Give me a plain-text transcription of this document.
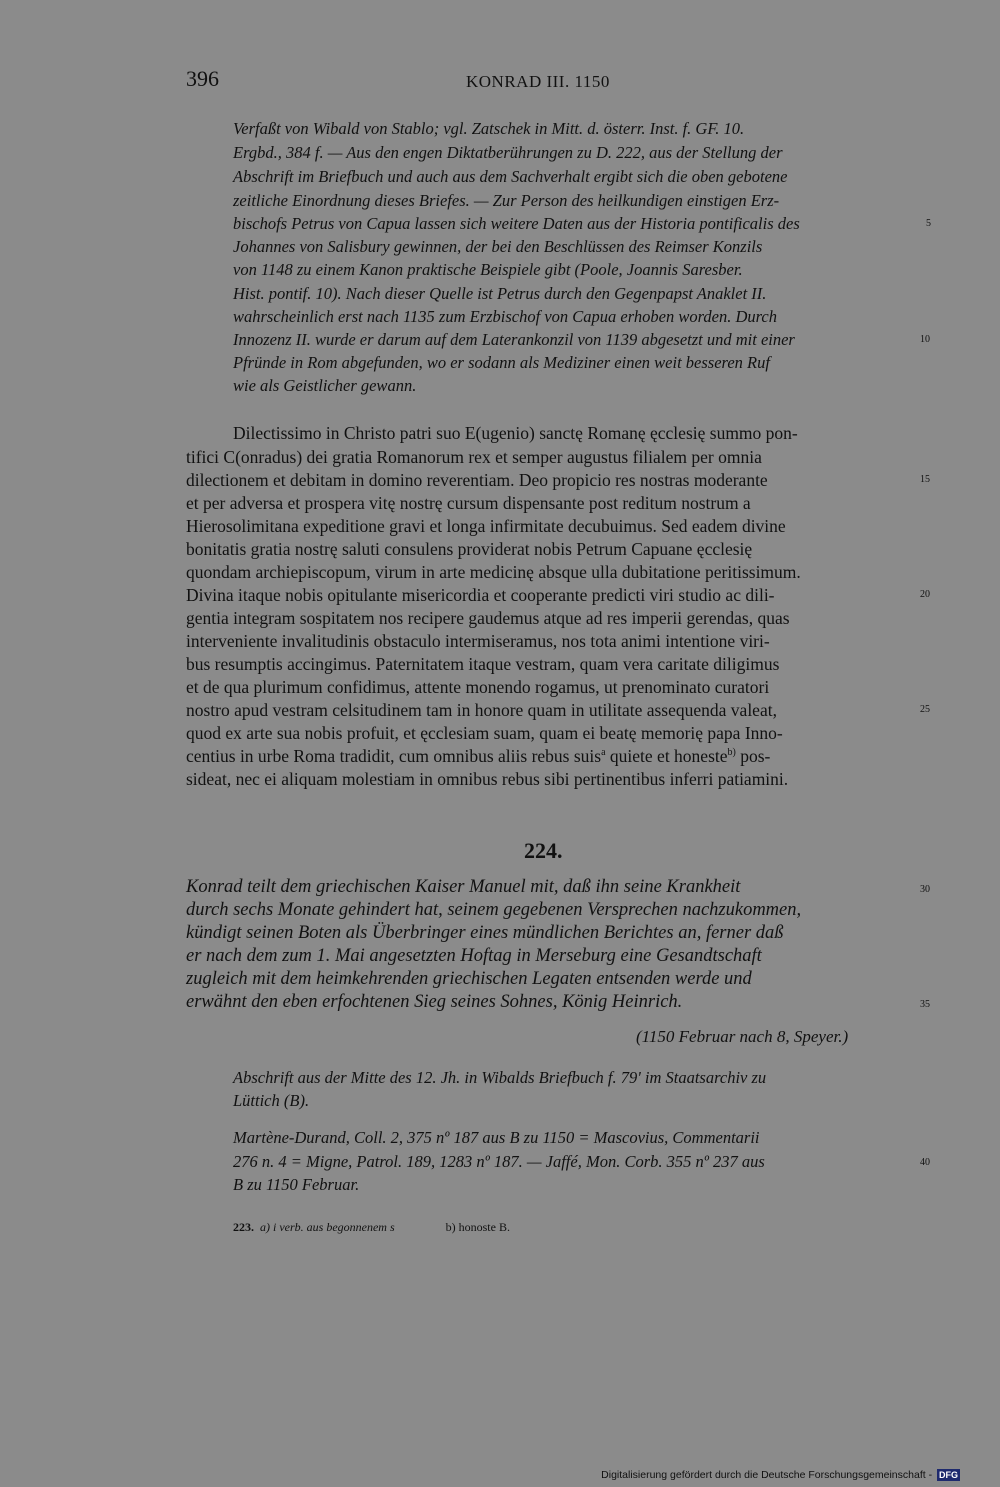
396	KONRAD III. 1150
Verfaßt von Wibald von Stablo; vgl. Zatschek in Mitt. d. österr. Inst. f. GF. 10.
Ergbd., 384 f. — Aus den engen Diktatberührungen zu D. 222, aus der Stellung der
Abschrift im Briefbuch und auch aus dem Sachverhalt ergibt sich die oben gebotene
zeitliche Einordnung dieses Briefes. — Zur Person des heilkundigen einstigen Erz-
bischofs Petrus von Capua lassen sich weitere Daten aus der Historia pontificalis des
Johannes von Salisbury gewinnen, der bei den Beschlüssen des Reimser Konzils
von 1148 zu einem Kanon praktische Beispiele gibt (Poole, Joannis Saresber.
Hist. pontif. 10). Nach dieser Quelle ist Petrus durch den Gegenpapst Anaklet II.
wahrscheinlich erst nach 1135 zum Erzbischof von Capua erhoben worden. Durch
Innozenz II. wurde er darum auf dem Laterankonzil von 1139 abgesetzt und mit einer
Pfründe in Rom abgefunden, wo er sodann als Mediziner einen weit besseren Ruf
wie als Geistlicher gewann.
Dilectissimo in Christo patri suo E(ugenio) sanctę Romanę ęcclesię summo pon-
tifici C(onradus) dei gratia Romanorum rex et semper augustus filialem per omnia
dilectionem et debitam in domino reverentiam. Deo propicio res nostras moderante
et per adversa et prospera vitę nostrę cursum dispensante post reditum nostrum a
Hierosolimitana expeditione gravi et longa infirmitate decubuimus. Sed eadem divine
bonitatis gratia nostrę saluti consulens providerat nobis Petrum Capuane ęcclesię
quondam archiepiscopum, virum in arte medicinę absque ulla dubitatione peritissimum.
Divina itaque nobis opitulante misericordia et cooperante predicti viri studio ac dili-
gentia integram sospitatem nos recipere gaudemus atque ad res imperii gerendas, quas
interveniente invalitudinis obstaculo intermiseramus, nos tota animi intentione viri-
bus resumptis accingimus. Paternitatem itaque vestram, quam vera caritate diligimus
et de qua plurimum confidimus, attente monendo rogamus, ut prenominato curatori
nostro apud vestram celsitudinem tam in honore quam in utilitate assequenda valeat,
quod ex arte sua nobis profuit, et ęcclesiam suam, quam ei beatę memorię papa Inno-
centius in urbe Roma tradidit, cum omnibus aliis rebus suis$^a$ quiete et honeste$^{b)}$ pos-
sideat, nec ei aliquam molestiam in omnibus rebus sibi pertinentibus inferri patiamini.
224.
Konrad teilt dem griechischen Kaiser Manuel mit, daß ihn seine Krankheit
durch sechs Monate gehindert hat, seinem gegebenen Versprechen nachzukommen,
kündigt seinen Boten als Überbringer eines mündlichen Berichtes an, ferner daß
er nach dem zum 1. Mai angesetzten Hoftag in Merseburg eine Gesandtschaft
zugleich mit dem heimkehrenden griechischen Legaten entsenden werde und
erwähnt den eben erfochtenen Sieg seines Sohnes, König Heinrich.
(1150 Februar nach 8, Speyer.)
Abschrift aus der Mitte des 12. Jh. in Wibalds Briefbuch f. 79' im Staatsarchiv zu
Lüttich (B).
Martène-Durand, Coll. 2, 375 nº 187 aus B zu 1150 = Mascovius, Commentarii
276 n. 4 = Migne, Patrol. 189, 1283 nº 187. — Jaffé, Mon. Corb. 355 nº 237 aus
B zu 1150 Februar.
223. a) i verb. aus begonnenem s	b) honoste B.
5
10
15
20
25
30
35
40
Digitalisierung gefördert durch die Deutsche Forschungsgemeinschaft - DFG
